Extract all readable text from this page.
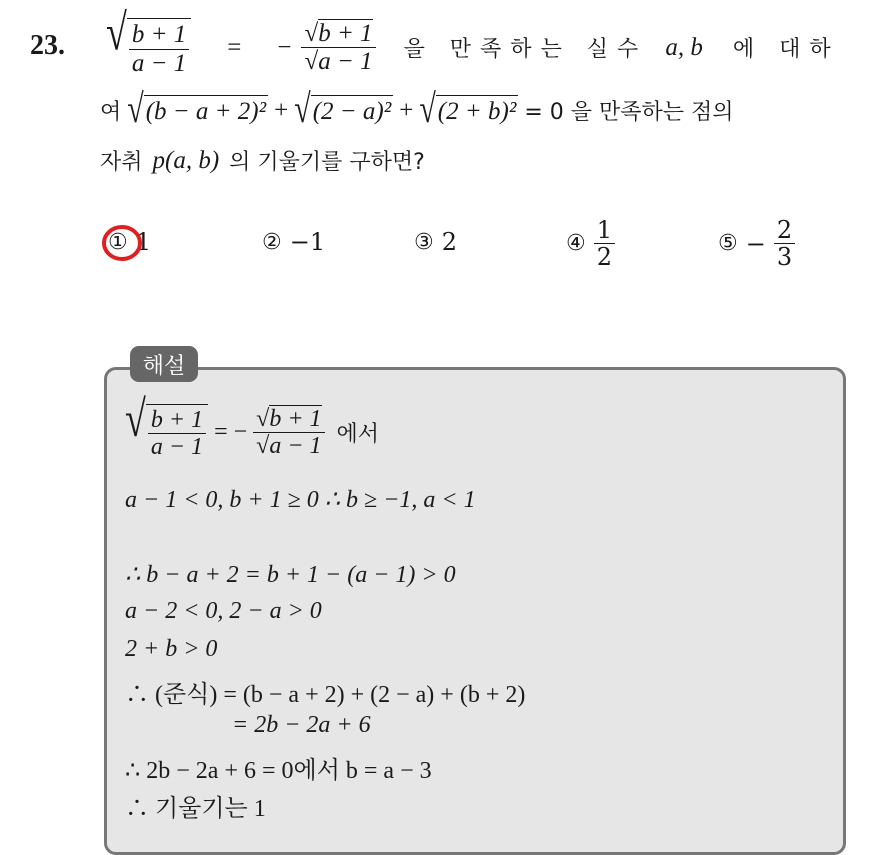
23. √ $\frac{b + 1}{a - 1}$ = − $\frac{√b + 1}{√a - 1}$ 을 만족하는 실수 a, b 에 대하
여 √ (b − a + 2)² + √ (2 − a)² + √ (2 + b)² = 0 을 만족하는 점의
자취 p(a, b) 의 기울기를 구하면?
① 1	② −1	③ 2	④ $\frac{1}{2}$	⑤ − $\frac{2}{3}$
해설
√ $\frac{b + 1}{a - 1}$ = − $\frac{√b + 1}{√a - 1}$ 에서
a − 1 < 0, b + 1 ≥ 0 ∴ b ≥ −1, a < 1
∴ b − a + 2 = b + 1 − (a − 1) > 0
a − 2 < 0, 2 − a > 0
2 + b > 0
∴ (준식) = (b − a + 2) + (2 − a) + (b + 2)
= 2b − 2a + 6
∴ 2b − 2a + 6 = 0에서 b = a − 3
∴ 기울기는 1
